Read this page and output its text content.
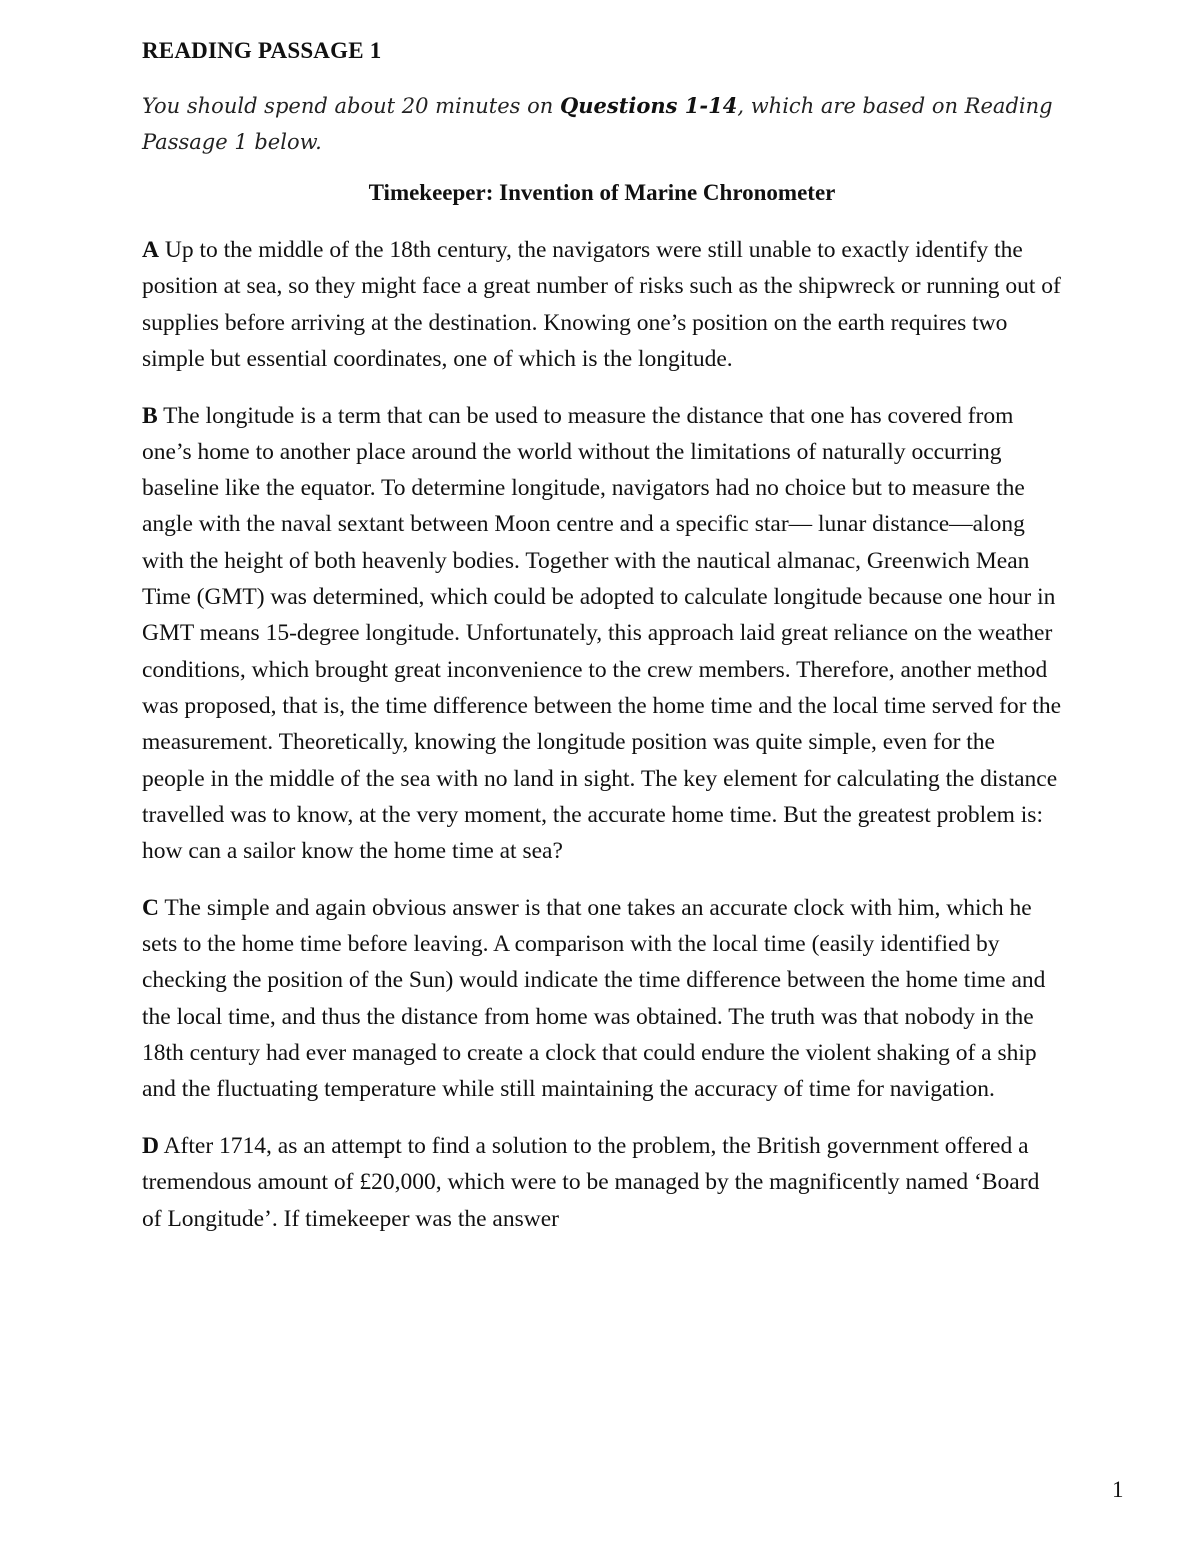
READING PASSAGE 1

You should spend about 20 minutes on Questions 1-14, which are based on Reading Passage 1 below.

Timekeeper: Invention of Marine Chronometer

A Up to the middle of the 18th century, the navigators were still unable to exactly identify the position at sea, so they might face a great number of risks such as the shipwreck or running out of supplies before arriving at the destination. Knowing one’s position on the earth requires two simple but essential coordinates, one of which is the longitude.

B The longitude is a term that can be used to measure the distance that one has covered from one’s home to another place around the world without the limitations of naturally occurring baseline like the equator. To determine longitude, navigators had no choice but to measure the angle with the naval sextant between Moon centre and a specific star— lunar distance—along with the height of both heavenly bodies. Together with the nautical almanac, Greenwich Mean Time (GMT) was determined, which could be adopted to calculate longitude because one hour in GMT means 15-degree longitude. Unfortunately, this approach laid great reliance on the weather conditions, which brought great inconvenience to the crew members. Therefore, another method was proposed, that is, the time difference between the home time and the local time served for the measurement. Theoretically, knowing the longitude position was quite simple, even for the people in the middle of the sea with no land in sight. The key element for calculating the distance travelled was to know, at the very moment, the accurate home time. But the greatest problem is: how can a sailor know the home time at sea?

C The simple and again obvious answer is that one takes an accurate clock with him, which he sets to the home time before leaving. A comparison with the local time (easily identified by checking the position of the Sun) would indicate the time difference between the home time and the local time, and thus the distance from home was obtained. The truth was that nobody in the 18th century had ever managed to create a clock that could endure the violent shaking of a ship and the fluctuating temperature while still maintaining the accuracy of time for navigation.

D After 1714, as an attempt to find a solution to the problem, the British government offered a tremendous amount of £20,000, which were to be managed by the magnificently named ‘Board of Longitude’. If timekeeper was the answer

1
